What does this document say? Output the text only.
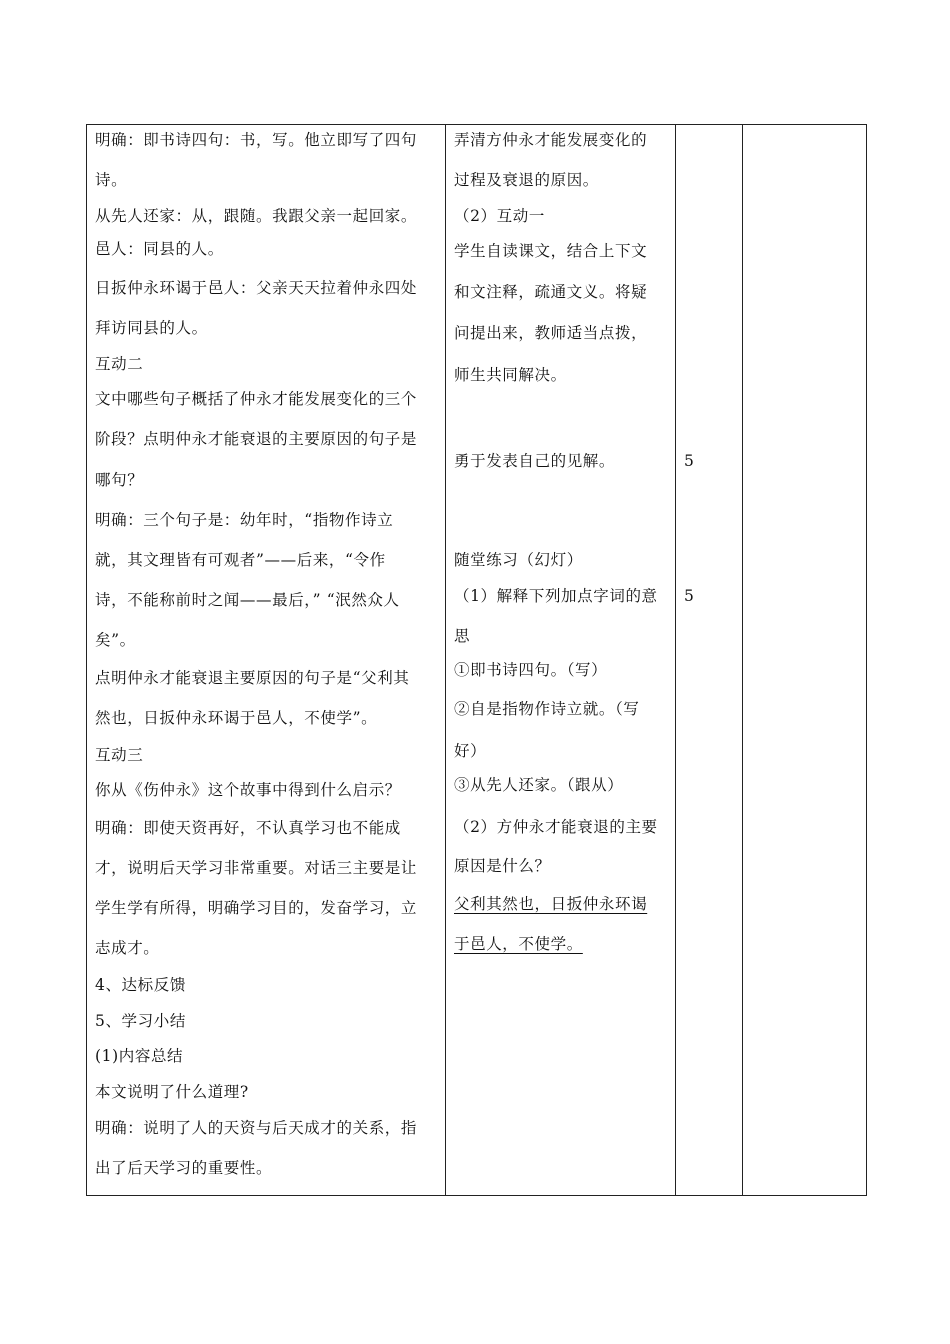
明确：即书诗四句：书，写。他立即写了四句
诗。
从先人还家：从，跟随。我跟父亲一起回家。
邑人：同县的人。
日扳仲永环谒于邑人：父亲天天拉着仲永四处
拜访同县的人。
互动二
文中哪些句子概括了仲永才能发展变化的三个
阶段？点明仲永才能衰退的主要原因的句子是
哪句？
明确：三个句子是：幼年时，“指物作诗立
就，其文理皆有可观者”——后来，“令作
诗，不能称前时之闻——最后，” “泯然众人
矣”。
点明仲永才能衰退主要原因的句子是“父利其
然也，日扳仲永环谒于邑人，不使学”。
互动三
你从《伤仲永》这个故事中得到什么启示？
明确：即使天资再好，不认真学习也不能成
才，说明后天学习非常重要。对话三主要是让
学生学有所得，明确学习目的，发奋学习，立
志成才。
4、达标反馈
5、学习小结
(1)内容总结
本文说明了什么道理?
明确：说明了人的天资与后天成才的关系，指
出了后天学习的重要性。

弄清方仲永才能发展变化的
过程及衰退的原因。
（2）互动一
学生自读课文，结合上下文
和文注释，疏通文义。将疑
问提出来，教师适当点拨，
师生共同解决。
勇于发表自己的见解。
随堂练习（幻灯）
（1）解释下列加点字词的意
思
①即书诗四句。（写）
②自是指物作诗立就。（写
好）
③从先人还家。（跟从）
（2）方仲永才能衰退的主要
原因是什么？
父利其然也，日扳仲永环谒
于邑人，不使学。

5
5
